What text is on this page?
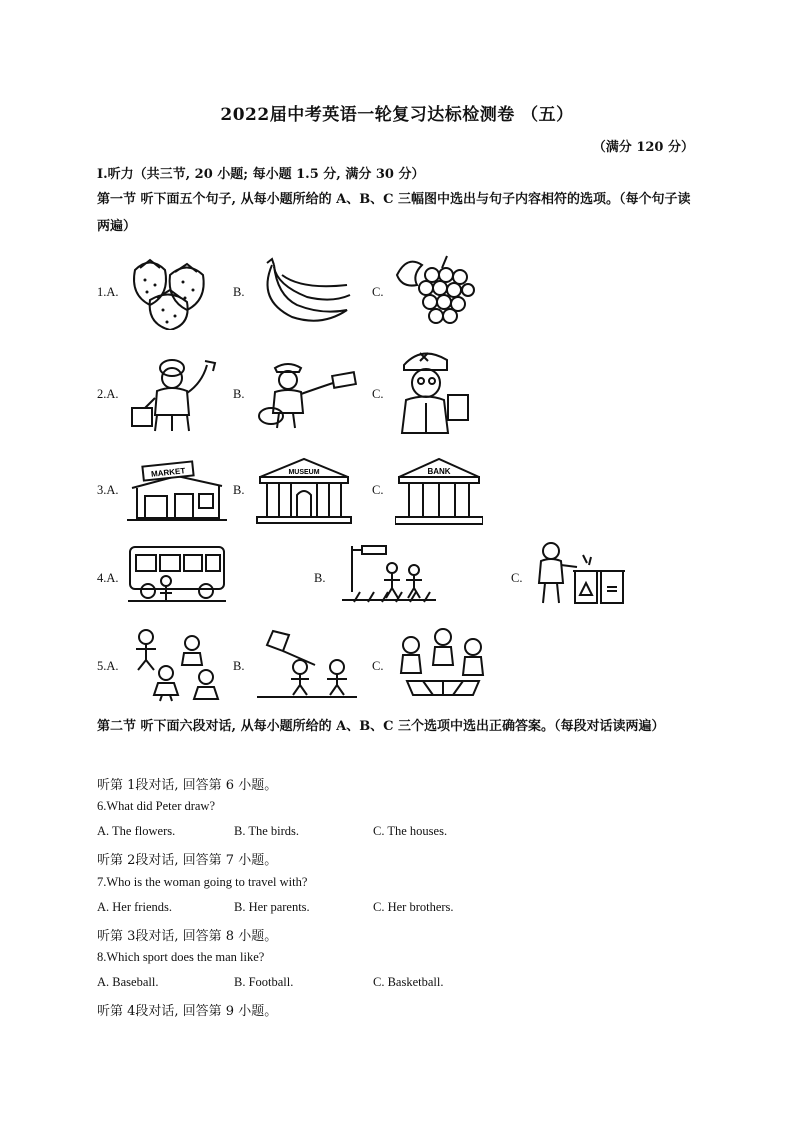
2022届中考英语一轮复习达标检测卷 （五）
（满分 120 分）
I.听力（共三节, 20 小题; 每小题 1.5 分, 满分 30 分）
第一节 听下面五个句子, 从每小题所给的 A、B、C 三幅图中选出与句子内容相符的选项。（每个句子读两遍）
1.A.	B.	C.
2.A.	B.	C.
3.A.
MARKET
B.
MUSEUM
C.
BANK
4.A.	B.	C.
5.A.	B.	C.
第二节 听下面六段对话, 从每小题所给的 A、B、C 三个选项中选出正确答案。（每段对话读两遍）
听第 1段对话, 回答第 6 小题。
6.What did Peter draw?
A. The flowers.	B. The birds.	C. The houses.
听第 2段对话, 回答第 7 小题。
7.Who is the woman going to travel with?
A. Her friends.	B. Her parents.	C. Her brothers.
听第 3段对话, 回答第 8 小题。
8.Which sport does the man like?
A. Baseball.	B. Football.	C. Basketball.
听第 4段对话, 回答第 9 小题。
